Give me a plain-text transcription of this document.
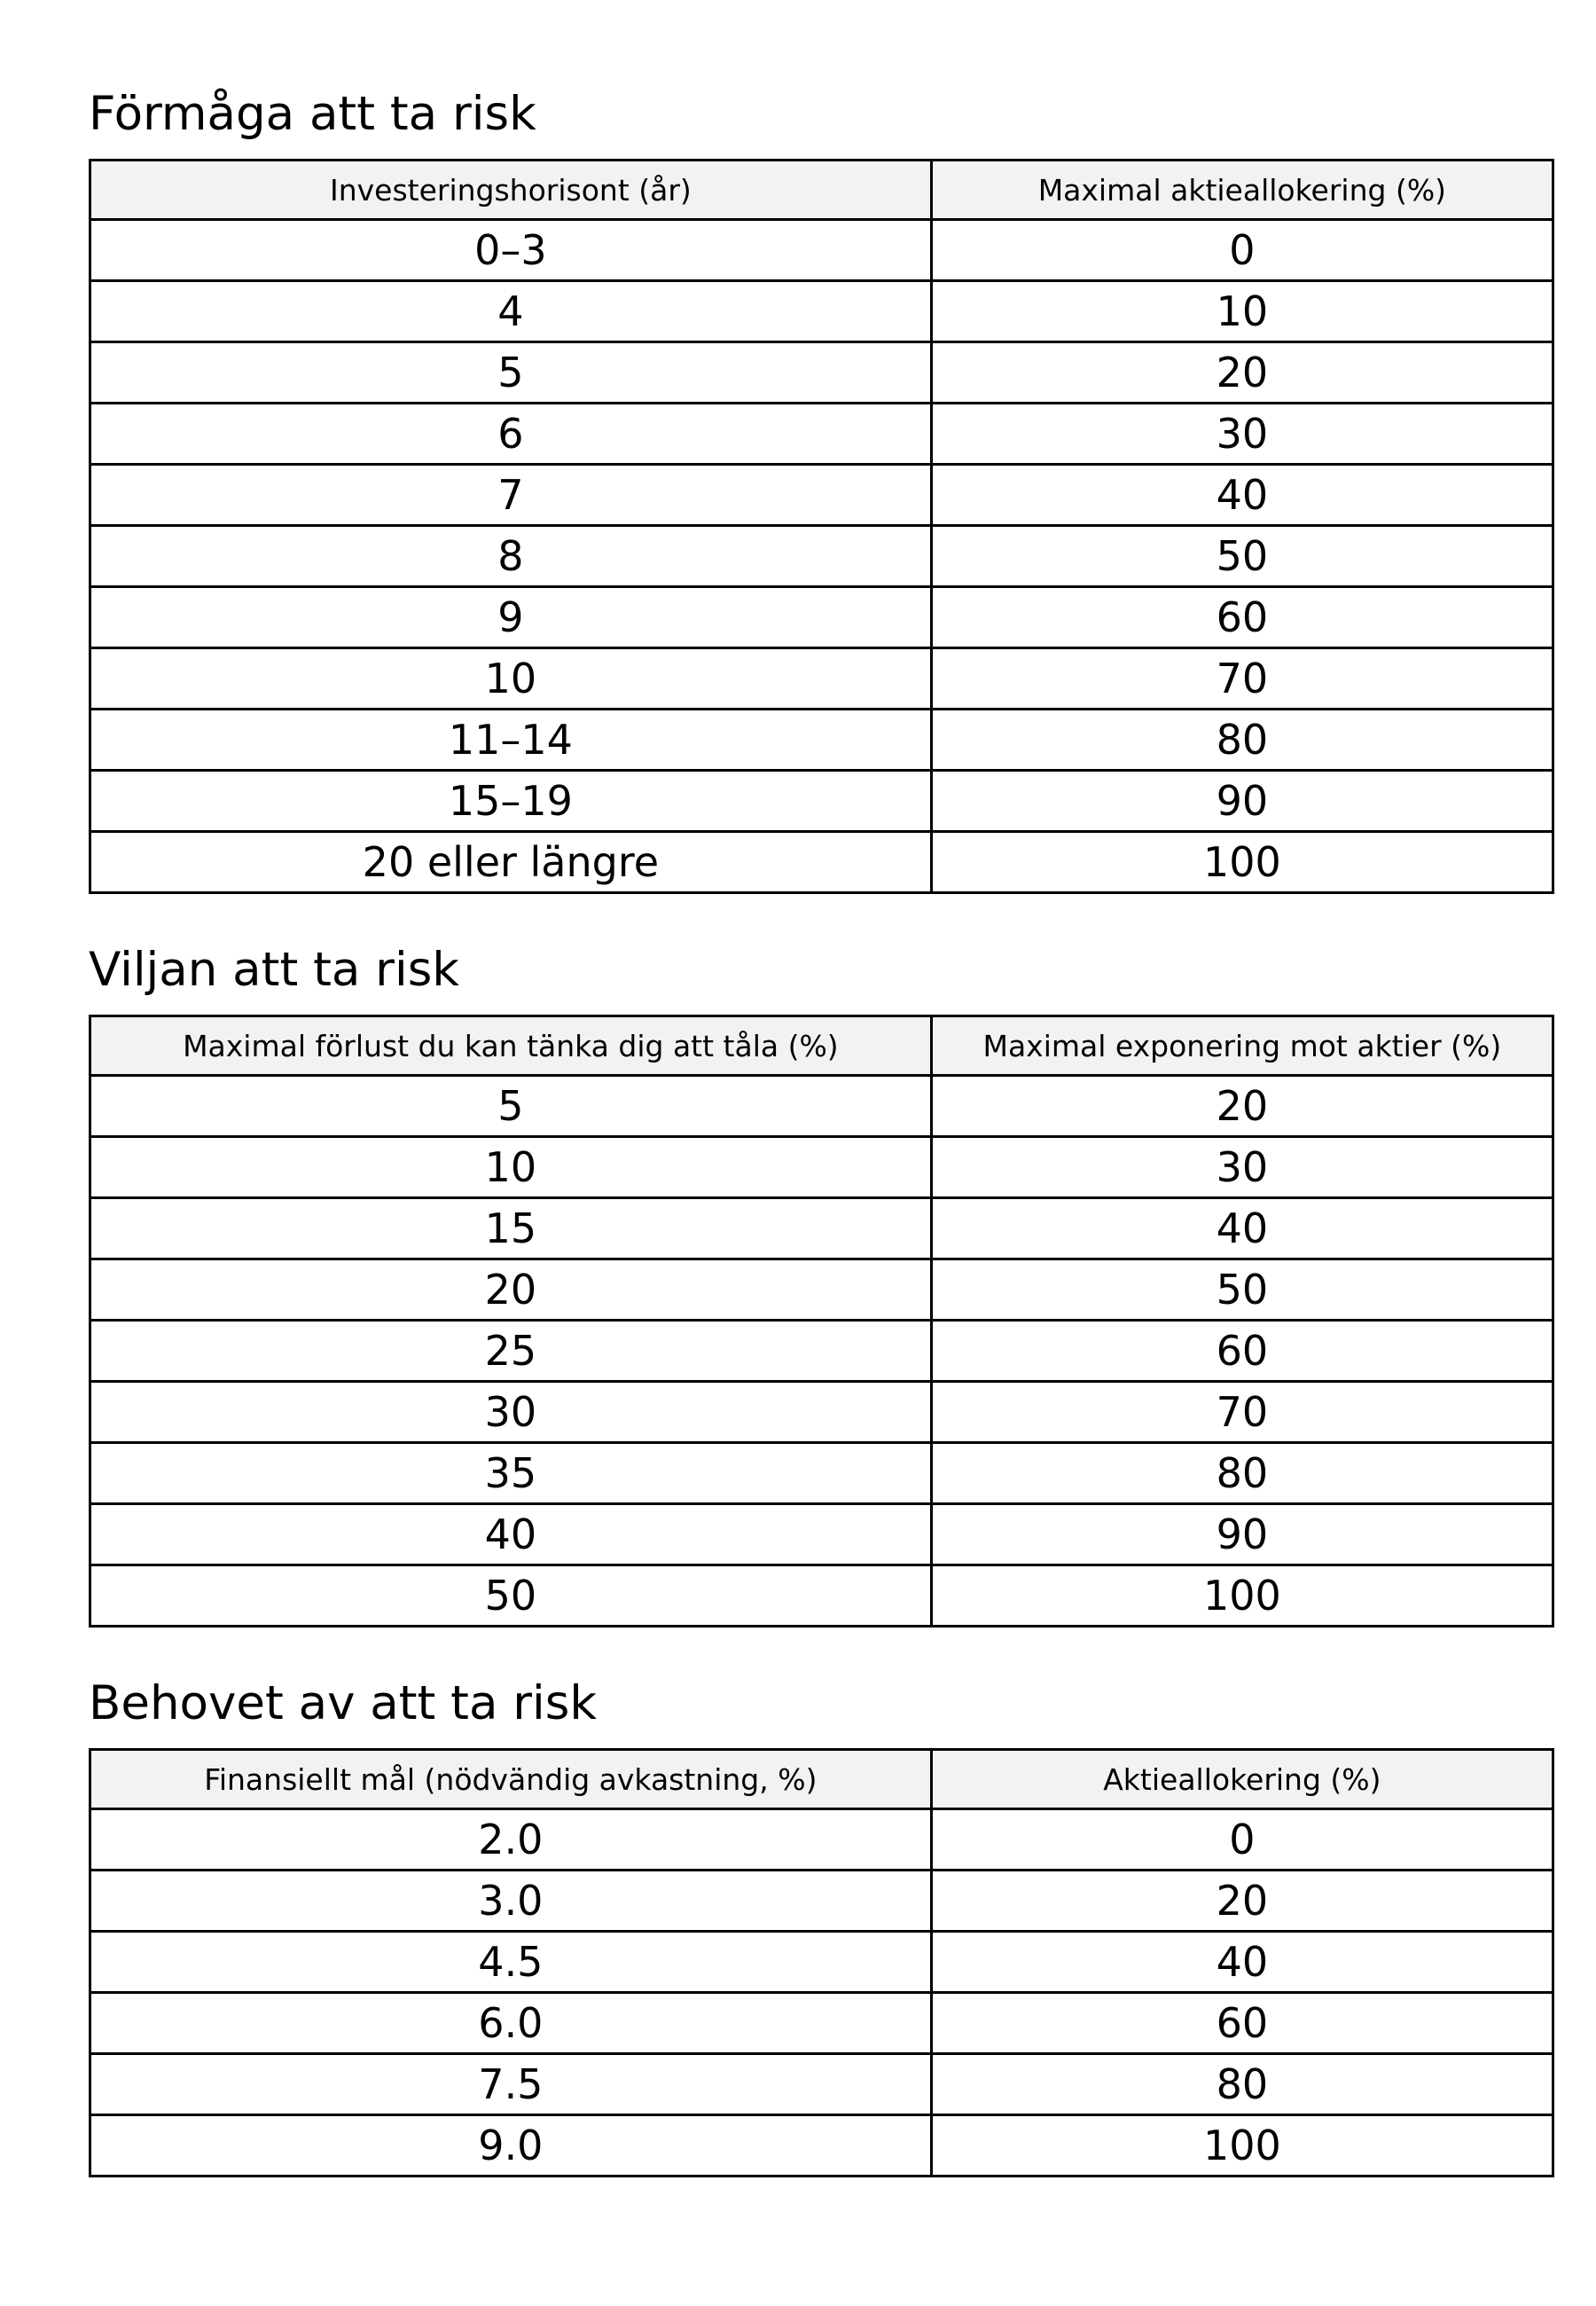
Förmåga att ta risk
Investeringshorisont (år)	Maximal aktieallokering (%)
0–3	0
4	10
5	20
6	30
7	40
8	50
9	60
10	70
11–14	80
15–19	90
20 eller längre	100
Viljan att ta risk
Maximal förlust du kan tänka dig att tåla (%)	Maximal exponering mot aktier (%)
5	20
10	30
15	40
20	50
25	60
30	70
35	80
40	90
50	100
Behovet av att ta risk
Finansiellt mål (nödvändig avkastning, %)	Aktieallokering (%)
2.0	0
3.0	20
4.5	40
6.0	60
7.5	80
9.0	100
